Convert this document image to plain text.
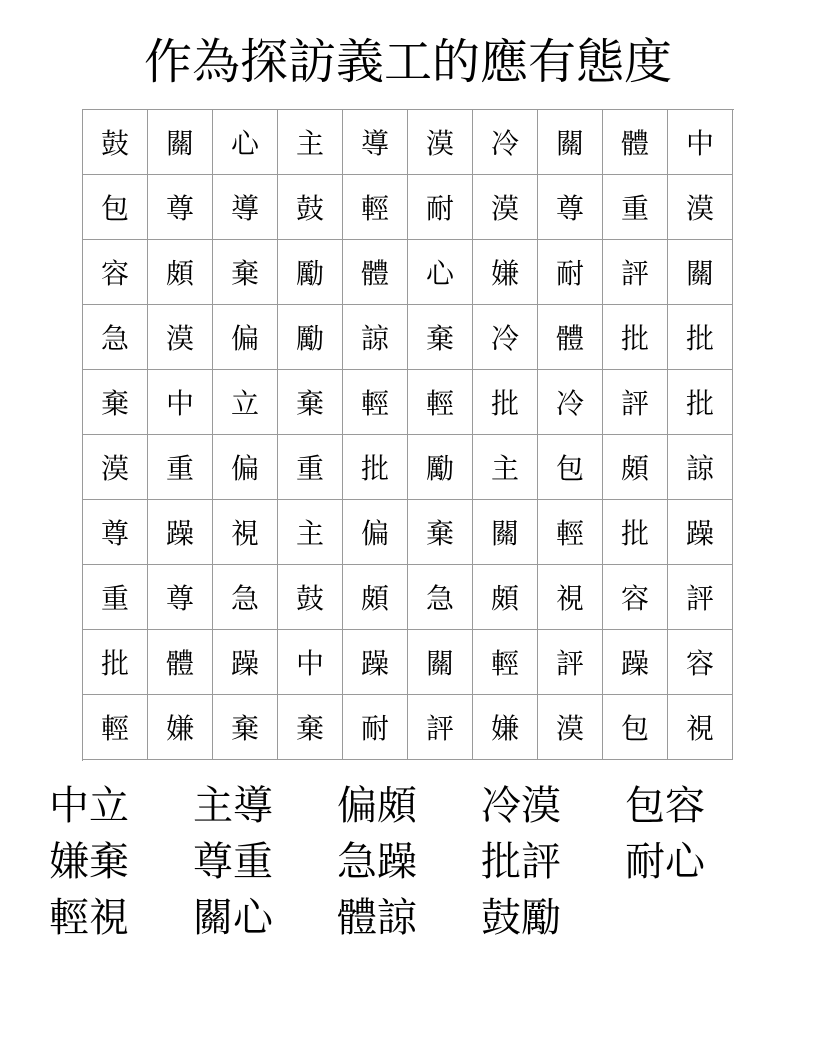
作為探訪義工的應有態度
鼓	關	心	主	導	漠	冷	關	體	中
包	尊	導	鼓	輕	耐	漠	尊	重	漠
容	頗	棄	勵	體	心	嫌	耐	評	關
急	漠	偏	勵	諒	棄	冷	體	批	批
棄	中	立	棄	輕	輕	批	冷	評	批
漠	重	偏	重	批	勵	主	包	頗	諒
尊	躁	視	主	偏	棄	關	輕	批	躁
重	尊	急	鼓	頗	急	頗	視	容	評
批	體	躁	中	躁	關	輕	評	躁	容
輕	嫌	棄	棄	耐	評	嫌	漠	包	視
中立	主導	偏頗	冷漠	包容
嫌棄	尊重	急躁	批評	耐心
輕視	關心	體諒	鼓勵
